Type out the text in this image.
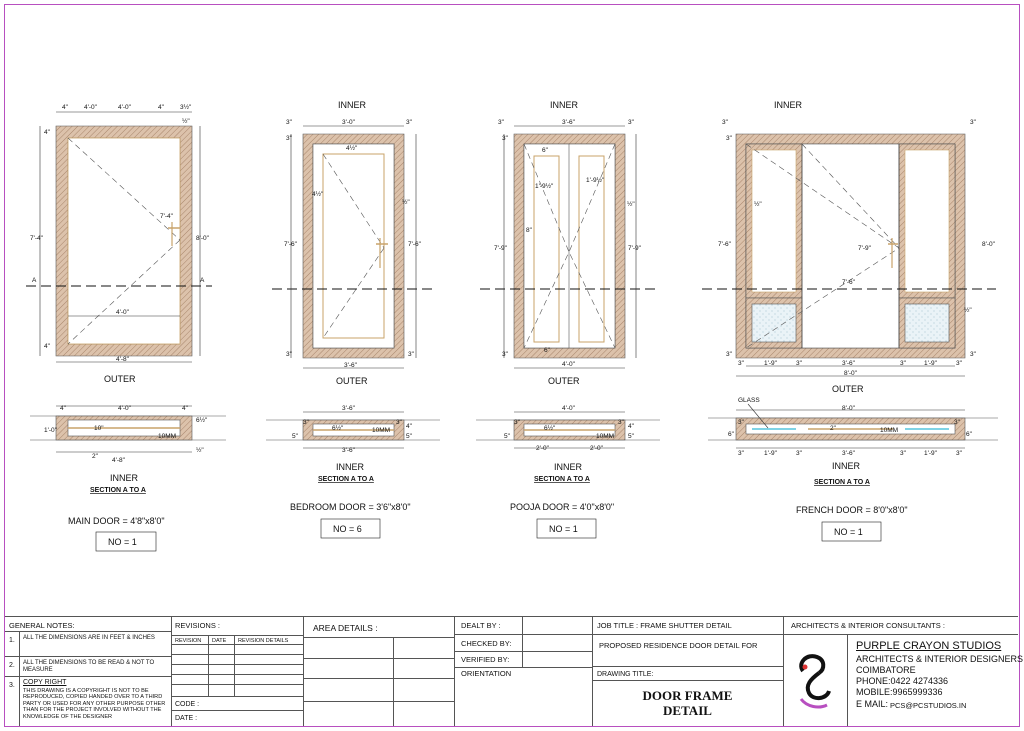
4" 4'-0"	4'-0"	4" 3½"
½"
4"
7'-4"
4"
8'-0"
7'-4"
4'-0"
4'-8"
A	A
OUTER
4"	4'-0"	4"
6½"
1'-0"	10"
10MM
2"
4'-8"
½"
INNER
SECTION A TO A
MAIN DOOR = 4'8"x8'0"
NO = 1
INNER
3"	3'-0"	3"
3"
7'-6"
3"
7'-6"
3"
4½"
4½"
½"
3'-6"
OUTER
3'-6"
3"
5"
6½"	10MM
3"
4"
5"
3'-6"
INNER
SECTION A TO A
BEDROOM DOOR = 3'6"x8'0"
NO = 6
INNER
3"	3'-6"	3"
3"
7'-9"
3"
7'-9"
6"
1'-9½"
1'-9½"
8"
½"
6"
4'-0"
OUTER
4'-0"
3"
5"
6½"
10MM
3"
4"
5"
2'-0"	2'-0"
INNER
SECTION A TO A
POOJA DOOR = 4'0"x8'0"
NO = 1
INNER
3"	3"
3"
7'-6"
3"
8'-0"
3"
½"
7'-9"
7'-6"
½"
3"	1'-9"	3"	3'-6"	3"	1'-9"	3"
8'-0"
OUTER
GLASS
8'-0"
3"
6"
2"	10MM
3"
6"
3"	1'-9"	3"	3'-6"	3"	1'-9"	3"
INNER
SECTION A TO A
FRENCH DOOR = 8'0"x8'0"
NO = 1
GENERAL NOTES:
1. ALL THE DIMENSIONS ARE IN FEET & INCHES
2. ALL THE DIMENSIONS TO BE READ & NOT TO MEASURE
3. COPY RIGHT
THIS DRAWING IS A COPYRIGHT IS NOT TO BE REPRODUCED, COPIED HANDED OVER TO A THIRD PARTY OR USED FOR ANY OTHER PURPOSE OTHER THAN FOR THE PROJECT INVOLVED WITHOUT THE KNOWLEDGE OF THE DESIGNER
REVISIONS :
REVISION DATE REVISION DETAILS
CODE :
DATE :
AREA DETAILS :	DEALT BY :
CHECKED BY:
VERIFIED BY:
ORIENTATION
JOB TITLE : FRAME SHUTTER DETAIL
PROPOSED RESIDENCE DOOR DETAIL FOR
DRAWING TITLE:
DOOR FRAME
DETAIL
ARCHITECTS & INTERIOR CONSULTANTS :
PURPLE CRAYON STUDIOS
ARCHITECTS & INTERIOR DESIGNERS
COIMBATORE
PHONE:0422 4274336
MOBILE:9965999336
E MAIL: PCS@PCSTUDIOS.IN
